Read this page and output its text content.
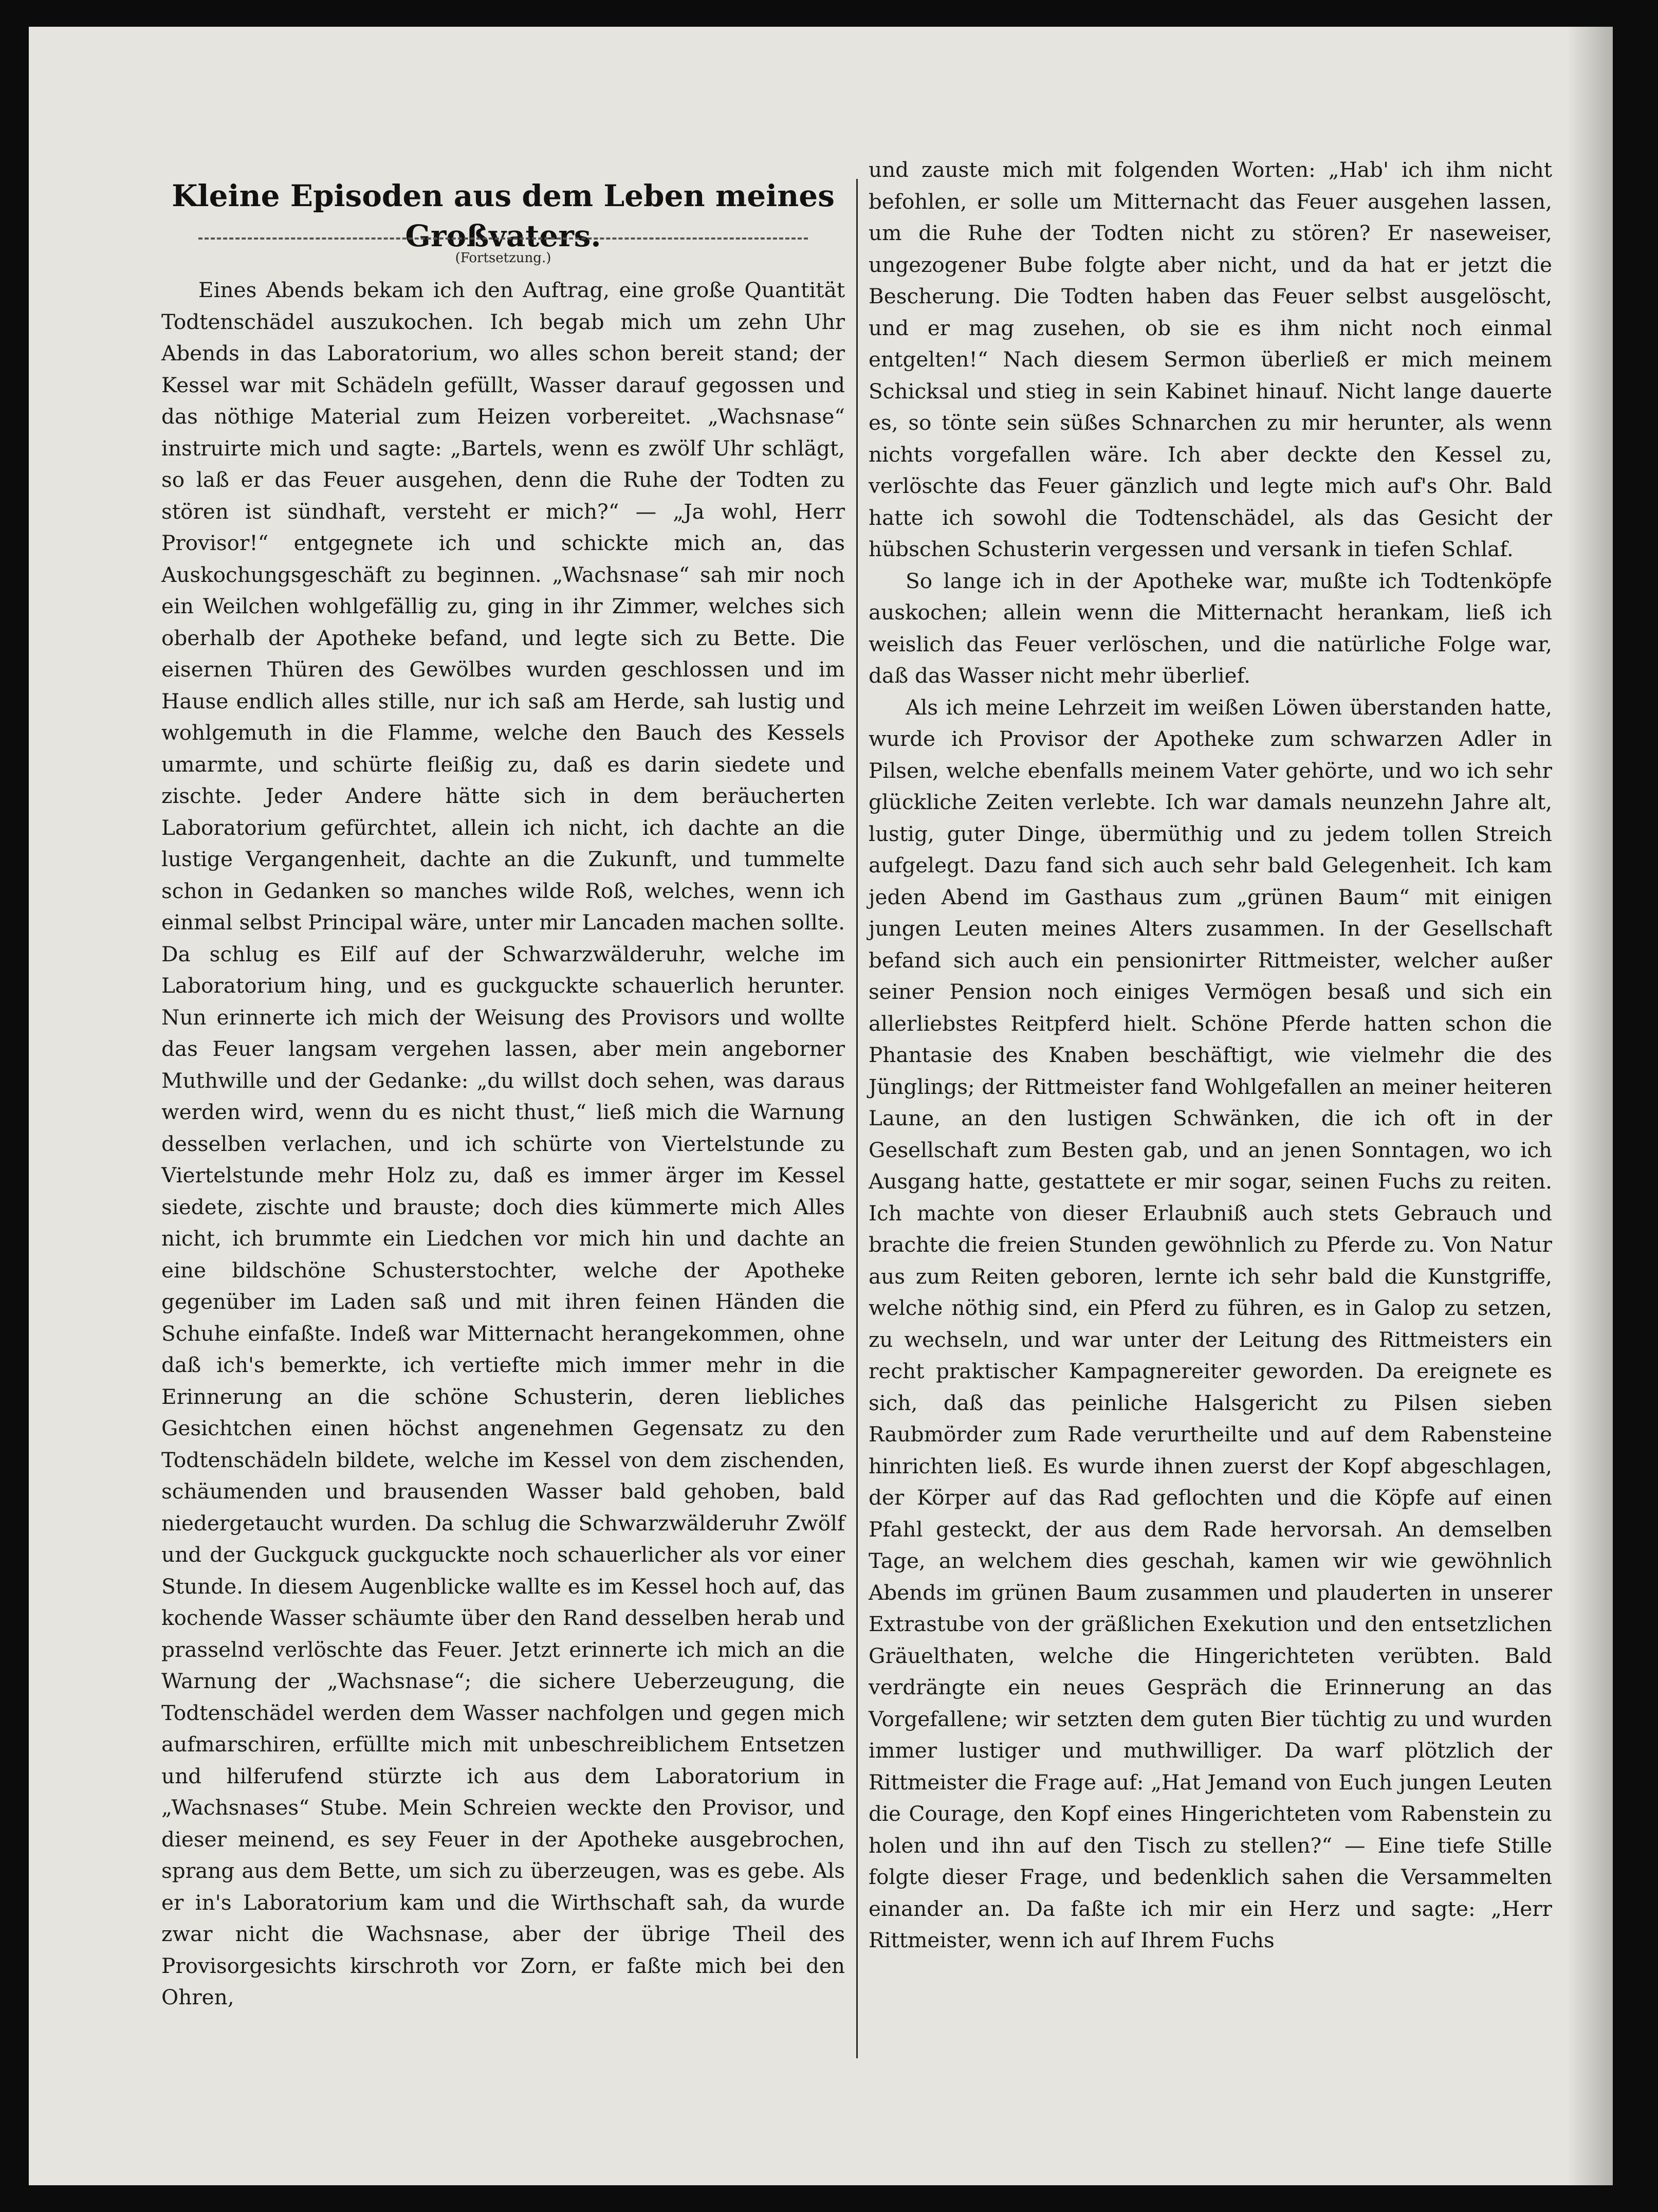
Kleine Episoden aus dem Leben meines Großvaters.
(Fortsetzung.)

Eines Abends bekam ich den Auftrag, eine große Quantität Todtenschädel auszukochen. Ich begab mich um zehn Uhr Abends in das Laboratorium, wo alles schon bereit stand; der Kessel war mit Schädeln gefüllt, Wasser darauf gegossen und das nöthige Material zum Heizen vorbereitet. „Wachsnase“ instruirte mich und sagte: „Bartels, wenn es zwölf Uhr schlägt, so laß er das Feuer ausgehen, denn die Ruhe der Todten zu stören ist sündhaft, versteht er mich?“ — „Ja wohl, Herr Provisor!“ entgegnete ich und schickte mich an, das Auskochungsgeschäft zu beginnen. „Wachsnase“ sah mir noch ein Weilchen wohlgefällig zu, ging in ihr Zimmer, welches sich oberhalb der Apotheke befand, und legte sich zu Bette. Die eisernen Thüren des Gewölbes wurden geschlossen und im Hause endlich alles stille, nur ich saß am Herde, sah lustig und wohlgemuth in die Flamme, welche den Bauch des Kessels umarmte, und schürte fleißig zu, daß es darin siedete und zischte. Jeder Andere hätte sich in dem beräucherten Laboratorium gefürchtet, allein ich nicht, ich dachte an die lustige Vergangenheit, dachte an die Zukunft, und tummelte schon in Gedanken so manches wilde Roß, welches, wenn ich einmal selbst Principal wäre, unter mir Lancaden machen sollte. Da schlug es Eilf auf der Schwarzwälderuhr, welche im Laboratorium hing, und es guckguckte schauerlich herunter. Nun erinnerte ich mich der Weisung des Provisors und wollte das Feuer langsam vergehen lassen, aber mein angeborner Muthwille und der Gedanke: „du willst doch sehen, was daraus werden wird, wenn du es nicht thust,“ ließ mich die Warnung desselben verlachen, und ich schürte von Viertelstunde zu Viertelstunde mehr Holz zu, daß es immer ärger im Kessel siedete, zischte und brauste; doch dies kümmerte mich Alles nicht, ich brummte ein Liedchen vor mich hin und dachte an eine bildschöne Schusterstochter, welche der Apotheke gegenüber im Laden saß und mit ihren feinen Händen die Schuhe einfaßte. Indeß war Mitternacht herangekommen, ohne daß ich's bemerkte, ich vertiefte mich immer mehr in die Erinnerung an die schöne Schusterin, deren liebliches Gesichtchen einen höchst angenehmen Gegensatz zu den Todtenschädeln bildete, welche im Kessel von dem zischenden, schäumenden und brausenden Wasser bald gehoben, bald niedergetaucht wurden. Da schlug die Schwarzwälderuhr Zwölf und der Guckguck guckguckte noch schauerlicher als vor einer Stunde. In diesem Augenblicke wallte es im Kessel hoch auf, das kochende Wasser schäumte über den Rand desselben herab und prasselnd verlöschte das Feuer. Jetzt erinnerte ich mich an die Warnung der „Wachsnase“; die sichere Ueberzeugung, die Todtenschädel werden dem Wasser nachfolgen und gegen mich aufmarschiren, erfüllte mich mit unbeschreiblichem Entsetzen und hilferufend stürzte ich aus dem Laboratorium in „Wachsnases“ Stube. Mein Schreien weckte den Provisor, und dieser meinend, es sey Feuer in der Apotheke ausgebrochen, sprang aus dem Bette, um sich zu überzeugen, was es gebe. Als er in's Laboratorium kam und die Wirthschaft sah, da wurde zwar nicht die Wachsnase, aber der übrige Theil des Provisorgesichts kirschroth vor Zorn, er faßte mich bei den Ohren,

und zauste mich mit folgenden Worten: „Hab' ich ihm nicht befohlen, er solle um Mitternacht das Feuer ausgehen lassen, um die Ruhe der Todten nicht zu stören? Er naseweiser, ungezogener Bube folgte aber nicht, und da hat er jetzt die Bescherung. Die Todten haben das Feuer selbst ausgelöscht, und er mag zusehen, ob sie es ihm nicht noch einmal entgelten!“ Nach diesem Sermon überließ er mich meinem Schicksal und stieg in sein Kabinet hinauf. Nicht lange dauerte es, so tönte sein süßes Schnarchen zu mir herunter, als wenn nichts vorgefallen wäre. Ich aber deckte den Kessel zu, verlöschte das Feuer gänzlich und legte mich auf's Ohr. Bald hatte ich sowohl die Todtenschädel, als das Gesicht der hübschen Schusterin vergessen und versank in tiefen Schlaf.

So lange ich in der Apotheke war, mußte ich Todtenköpfe auskochen; allein wenn die Mitternacht herankam, ließ ich weislich das Feuer verlöschen, und die natürliche Folge war, daß das Wasser nicht mehr überlief.

Als ich meine Lehrzeit im weißen Löwen überstanden hatte, wurde ich Provisor der Apotheke zum schwarzen Adler in Pilsen, welche ebenfalls meinem Vater gehörte, und wo ich sehr glückliche Zeiten verlebte. Ich war damals neunzehn Jahre alt, lustig, guter Dinge, übermüthig und zu jedem tollen Streich aufgelegt. Dazu fand sich auch sehr bald Gelegenheit. Ich kam jeden Abend im Gasthaus zum „grünen Baum“ mit einigen jungen Leuten meines Alters zusammen. In der Gesellschaft befand sich auch ein pensionirter Rittmeister, welcher außer seiner Pension noch einiges Vermögen besaß und sich ein allerliebstes Reitpferd hielt. Schöne Pferde hatten schon die Phantasie des Knaben beschäftigt, wie vielmehr die des Jünglings; der Rittmeister fand Wohlgefallen an meiner heiteren Laune, an den lustigen Schwänken, die ich oft in der Gesellschaft zum Besten gab, und an jenen Sonntagen, wo ich Ausgang hatte, gestattete er mir sogar, seinen Fuchs zu reiten. Ich machte von dieser Erlaubniß auch stets Gebrauch und brachte die freien Stunden gewöhnlich zu Pferde zu. Von Natur aus zum Reiten geboren, lernte ich sehr bald die Kunstgriffe, welche nöthig sind, ein Pferd zu führen, es in Galop zu setzen, zu wechseln, und war unter der Leitung des Rittmeisters ein recht praktischer Kampagnereiter geworden. Da ereignete es sich, daß das peinliche Halsgericht zu Pilsen sieben Raubmörder zum Rade verurtheilte und auf dem Rabensteine hinrichten ließ. Es wurde ihnen zuerst der Kopf abgeschlagen, der Körper auf das Rad geflochten und die Köpfe auf einen Pfahl gesteckt, der aus dem Rade hervorsah. An demselben Tage, an welchem dies geschah, kamen wir wie gewöhnlich Abends im grünen Baum zusammen und plauderten in unserer Extrastube von der gräßlichen Exekution und den entsetzlichen Gräuelthaten, welche die Hingerichteten verübten. Bald verdrängte ein neues Gespräch die Erinnerung an das Vorgefallene; wir setzten dem guten Bier tüchtig zu und wurden immer lustiger und muthwilliger. Da warf plötzlich der Rittmeister die Frage auf: „Hat Jemand von Euch jungen Leuten die Courage, den Kopf eines Hingerichteten vom Rabenstein zu holen und ihn auf den Tisch zu stellen?“ — Eine tiefe Stille folgte dieser Frage, und bedenklich sahen die Versammelten einander an. Da faßte ich mir ein Herz und sagte: „Herr Rittmeister, wenn ich auf Ihrem Fuchs
